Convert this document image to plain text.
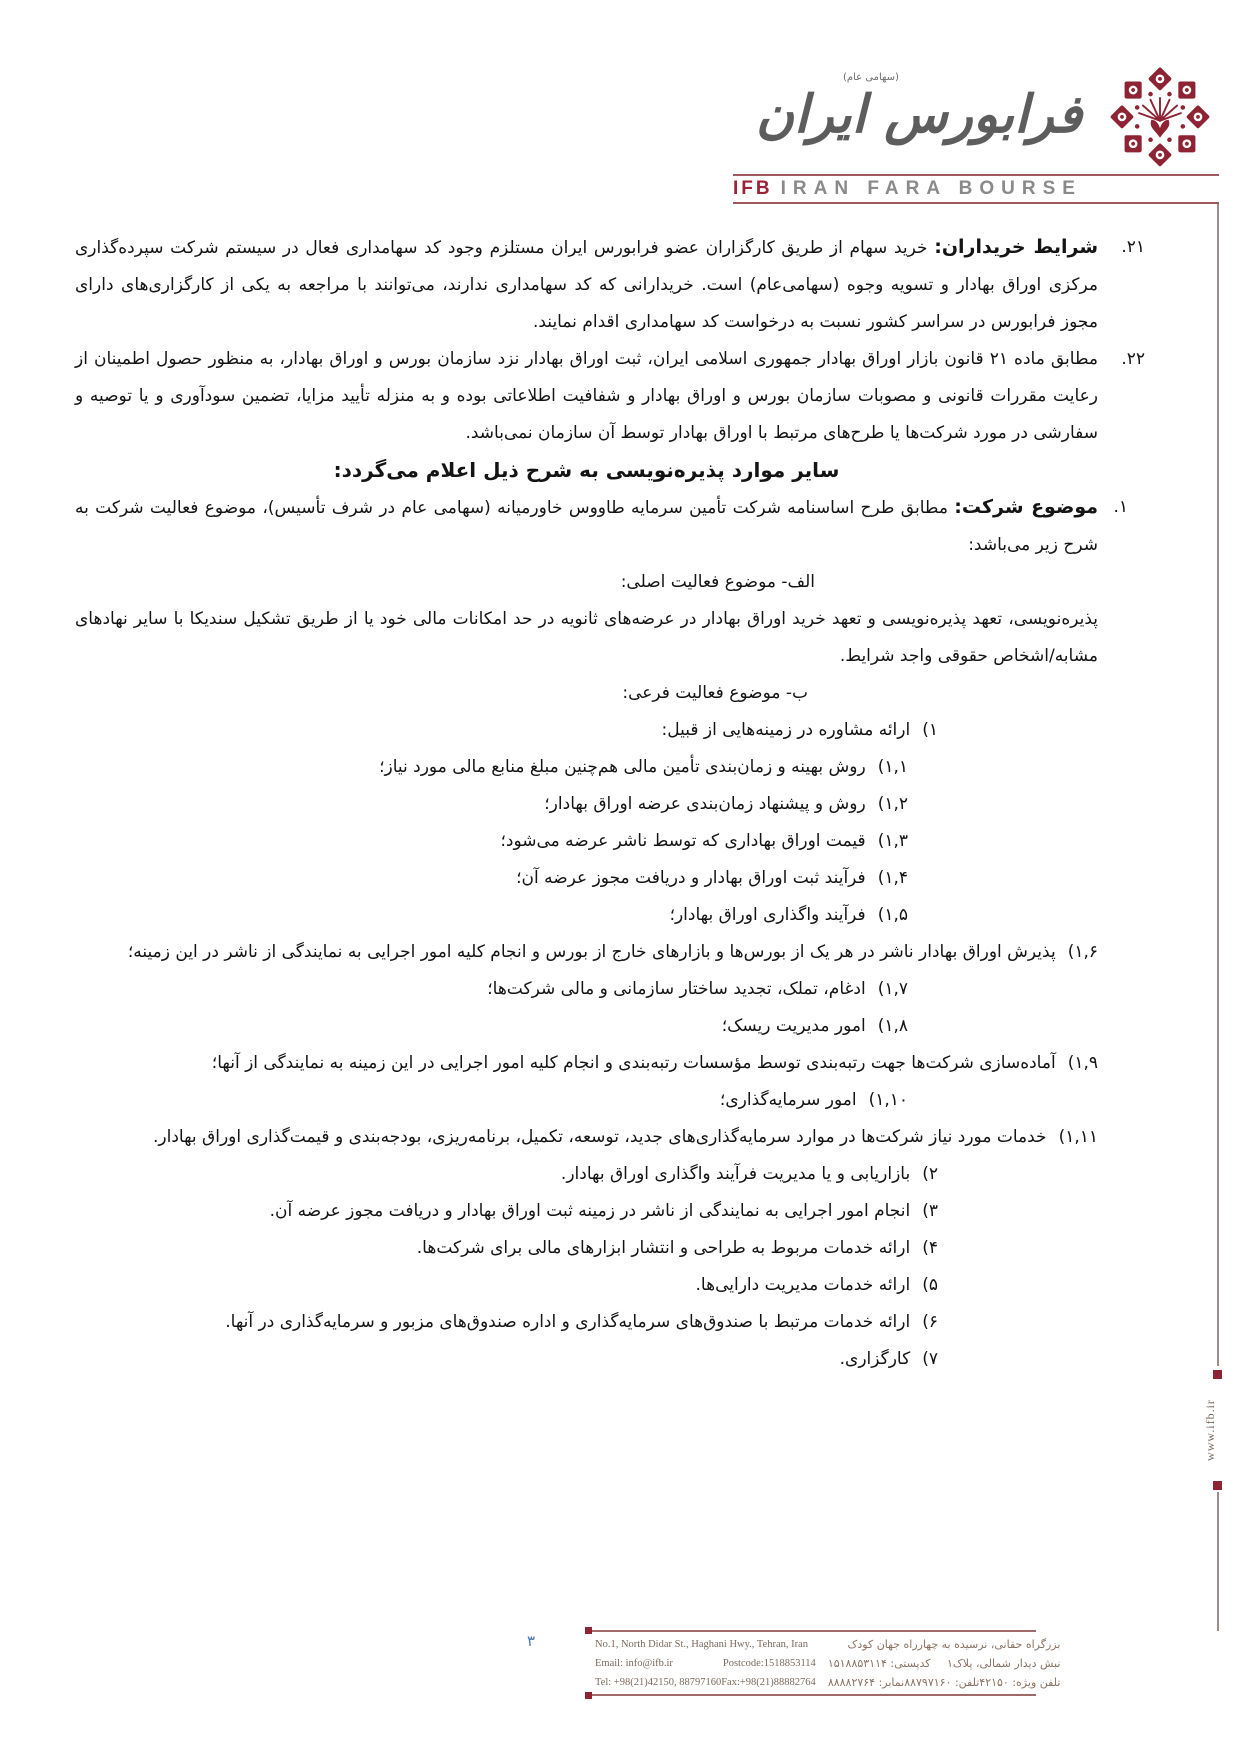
(سهامی عام)
فرابورس ایران
IFB IRAN FARA BOURSE
www.ifb.ir
۲۱.
شرایط خریداران: خرید سهام از طریق کارگزاران عضو فرابورس ایران مستلزم وجود کد سهامداری فعال در سیستم شرکت سپرده‌گذاری مرکزی اوراق بهادار و تسویه وجوه (سهامی‌عام) است. خریدارانی که کد سهامداری ندارند، می‌توانند با مراجعه به یکی از کارگزاری‌های دارای مجوز فرابورس در سراسر کشور نسبت به درخواست کد سهامداری اقدام نمایند.
۲۲.
مطابق ماده ۲۱ قانون بازار اوراق بهادار جمهوری اسلامی ایران، ثبت اوراق بهادار نزد سازمان بورس و اوراق بهادار، به منظور حصول اطمینان از رعایت مقررات قانونی و مصوبات سازمان بورس و اوراق بهادار و شفافیت اطلاعاتی بوده و به منزله تأیید مزایا، تضمین سودآوری و یا توصیه و سفارشی در مورد شرکت‌ها یا طرح‌های مرتبط با اوراق بهادار توسط آن سازمان نمی‌باشد.
سایر موارد پذیره‌نویسی به شرح ذیل اعلام می‌گردد:
۱.
موضوع شرکت: مطابق طرح اساسنامه شرکت تأمین سرمایه طاووس خاورمیانه (سهامی عام در شرف تأسیس)، موضوع فعالیت شرکت به شرح زیر می‌باشد:
الف- موضوع فعالیت اصلی:
پذیره‌نویسی، تعهد پذیره‌نویسی و تعهد خرید اوراق بهادار در عرضه‌های ثانویه در حد امکانات مالی خود یا از طریق تشکیل سندیکا با سایر نهادهای مشابه/اشخاص حقوقی واجد شرایط.
ب- موضوع فعالیت فرعی:
۱)ارائه مشاوره در زمینه‌هایی از قبیل:
۱,۱)روش بهینه و زمان‌بندی تأمین مالی هم‌چنین مبلغ منابع مالی مورد نیاز؛
۱,۲)روش و پیشنهاد زمان‌بندی عرضه اوراق بهادار؛
۱,۳)قیمت اوراق بهاداری که توسط ناشر عرضه می‌شود؛
۱,۴)فرآیند ثبت اوراق بهادار و دریافت مجوز عرضه آن؛
۱,۵)فرآیند واگذاری اوراق بهادار؛
۱,۶)پذیرش اوراق بهادار ناشر در هر یک از بورس‌ها و بازارهای خارج از بورس و انجام کلیه امور اجرایی به نمایندگی از ناشر در این زمینه؛
۱,۷)ادغام، تملک، تجدید ساختار سازمانی و مالی شرکت‌ها؛
۱,۸)امور مدیریت ریسک؛
۱,۹)آماده‌سازی شرکت‌ها جهت رتبه‌بندی توسط مؤسسات رتبه‌بندی و انجام کلیه امور اجرایی در این زمینه به نمایندگی از آنها؛
۱,۱۰)امور سرمایه‌گذاری؛
۱,۱۱)خدمات مورد نیاز شرکت‌ها در موارد سرمایه‌گذاری‌های جدید، توسعه، تکمیل، برنامه‌ریزی، بودجه‌بندی و قیمت‌گذاری اوراق بهادار.
۲)بازاریابی و یا مدیریت فرآیند واگذاری اوراق بهادار.
۳)انجام امور اجرایی به نمایندگی از ناشر در زمینه ثبت اوراق بهادار و دریافت مجوز عرضه آن.
۴)ارائه خدمات مربوط به طراحی و انتشار ابزارهای مالی برای شرکت‌ها.
۵)ارائه خدمات مدیریت دارایی‌ها.
۶)ارائه خدمات مرتبط با صندوق‌های سرمایه‌گذاری و اداره صندوق‌های مزبور و سرمایه‌گذاری در آنها.
۷)کارگزاری.
۳	No.1, North Didar St., Haghani Hwy., Tehran, Iran
Email: info@ifb.ir	Postcode:1518853114
Tel: +98(21)42150, 88797160 Fax:+98(21)88882764
بزرگراه حقانی، نرسیده به چهارراه جهان کودک
نبش دیدار شمالی، پلاک۱
کدپستی: ۱۵۱۸۸۵۳۱۱۴
تلفن ویژه: ۴۲۱۵۰
تلفن: ۸۸۷۹۷۱۶۰
نمابر: ۸۸۸۸۲۷۶۴
